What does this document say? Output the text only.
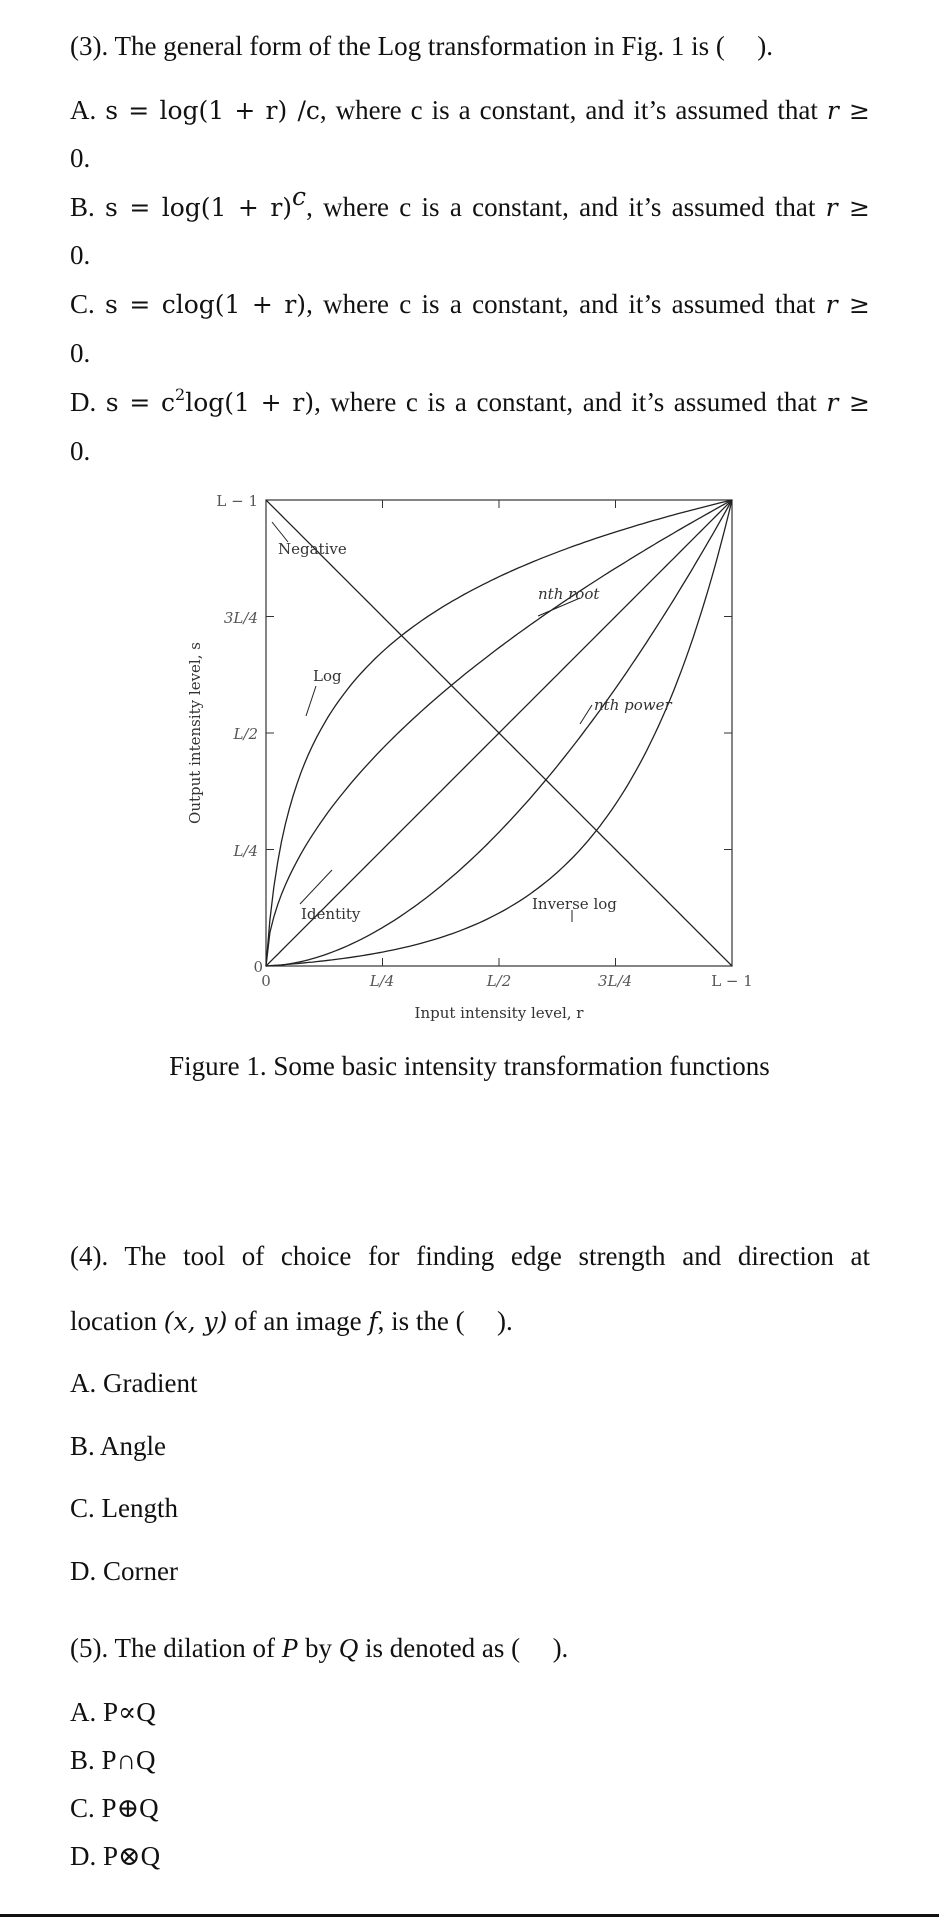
(3). The general form of the Log transformation in Fig. 1 is (  ).
A. s = log(1 + r) /c, where c is a constant, and it’s assumed that r ≥
0.
B. $s = \log(1 + r)^c$, where c is a constant, and it’s assumed that r ≥
0.
C. s = clog(1 + r), where c is a constant, and it’s assumed that r ≥
0.
D. $s = c^2\log(1 + r)$, where c is a constant, and it’s assumed that r ≥
0.
L − 1
3L/4
L/2
L/4
0
0	L/4	L/2	3L/4	L − 1
Input intensity level, r
Output intensity level, s
Negative
Log
nth root
nth power
Identity
Inverse log
Figure 1. Some basic intensity transformation functions
(4). The tool of choice for finding edge strength and direction at
location (x, y) of an image f, is the (  ).
A. Gradient
B. Angle
C. Length
D. Corner
(5). The dilation of P by Q is denoted as (  ).
A. P∝Q
B. P∩Q
C. P⊕Q
D. P⊗Q
